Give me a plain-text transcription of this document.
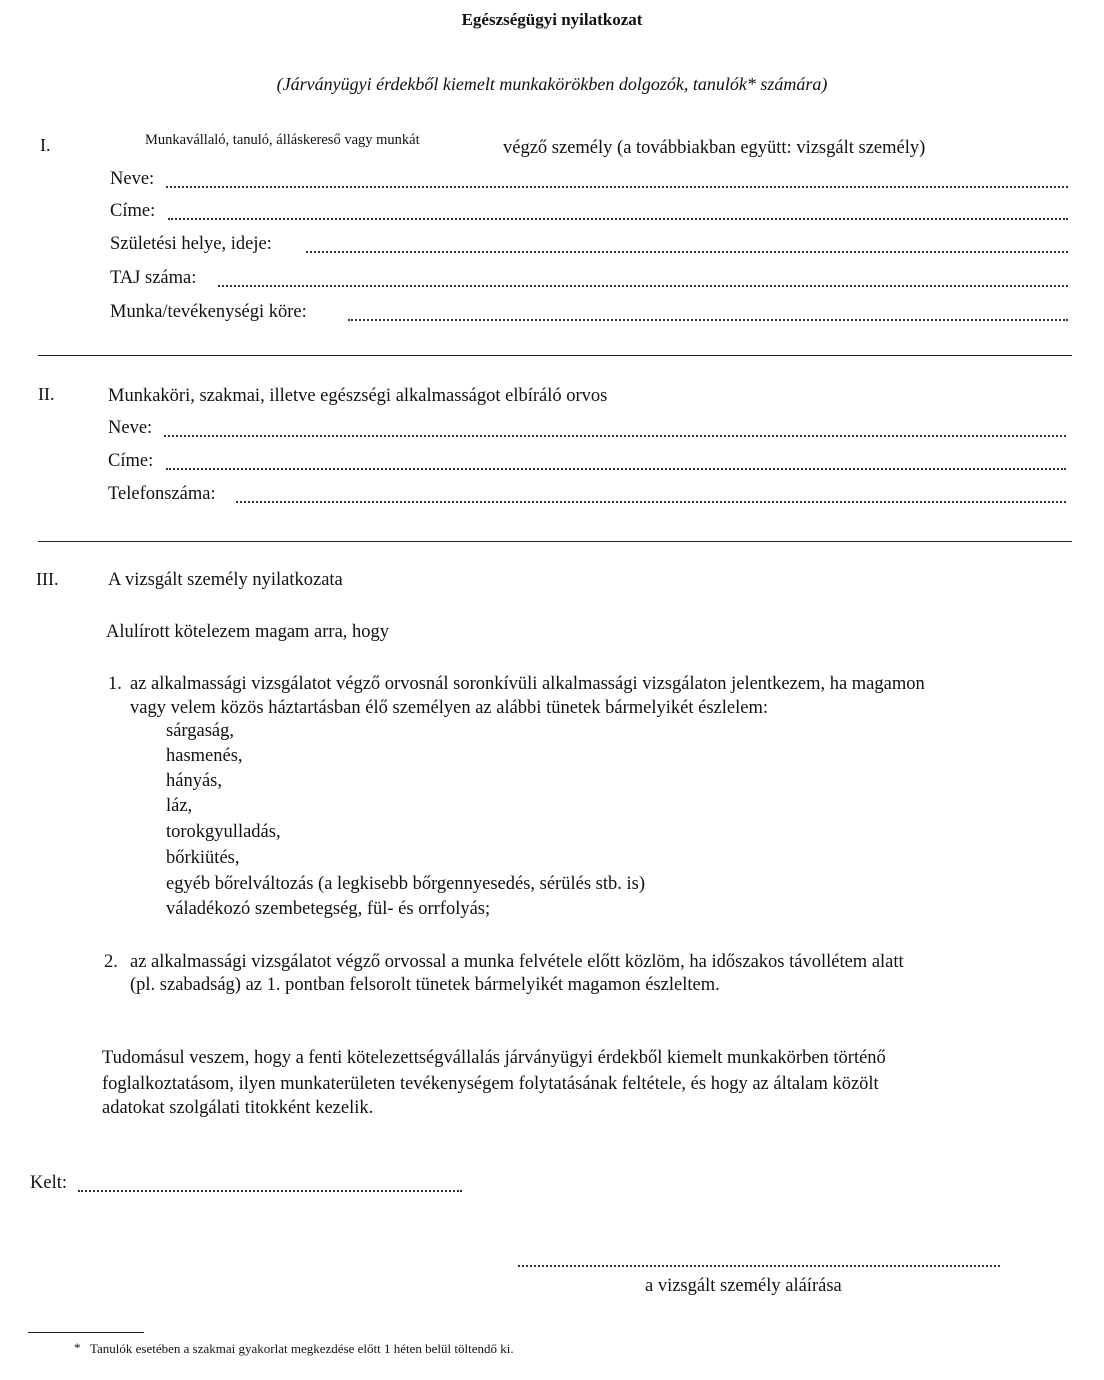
Egészségügyi nyilatkozat
(Járványügyi érdekből kiemelt munkakörökben dolgozók, tanulók* számára)
I.	Munkavállaló, tanuló, álláskereső vagy munkát	végző személy (a továbbiakban együtt: vizsgált személy)
Neve:
Címe:
Születési helye, ideje:
TAJ száma:
Munka/tevékenységi köre:
II.	Munkaköri, szakmai, illetve egészségi alkalmasságot elbíráló orvos
Neve:
Címe:
Telefonszáma:
III.	A vizsgált személy nyilatkozata
Alulírott kötelezem magam arra, hogy
1. az alkalmassági vizsgálatot végző orvosnál soronkívüli alkalmassági vizsgálaton jelentkezem, ha magamon
vagy velem közös háztartásban élő személyen az alábbi tünetek bármelyikét észlelem:
sárgaság,
hasmenés,
hányás,
láz,
torokgyulladás,
bőrkiütés,
egyéb bőrelváltozás (a legkisebb bőrgennyesedés, sérülés stb. is)
váladékozó szembetegség, fül- és orrfolyás;
2. az alkalmassági vizsgálatot végző orvossal a munka felvétele előtt közlöm, ha időszakos távollétem alatt
(pl. szabadság) az 1. pontban felsorolt tünetek bármelyikét magamon észleltem.
Tudomásul veszem, hogy a fenti kötelezettségvállalás járványügyi érdekből kiemelt munkakörben történő
foglalkoztatásom, ilyen munkaterületen tevékenységem folytatásának feltétele, és hogy az általam közölt
adatokat szolgálati titokként kezelik.
Kelt:
a vizsgált személy aláírása
* Tanulók esetében a szakmai gyakorlat megkezdése előtt 1 héten belül töltendő ki.
